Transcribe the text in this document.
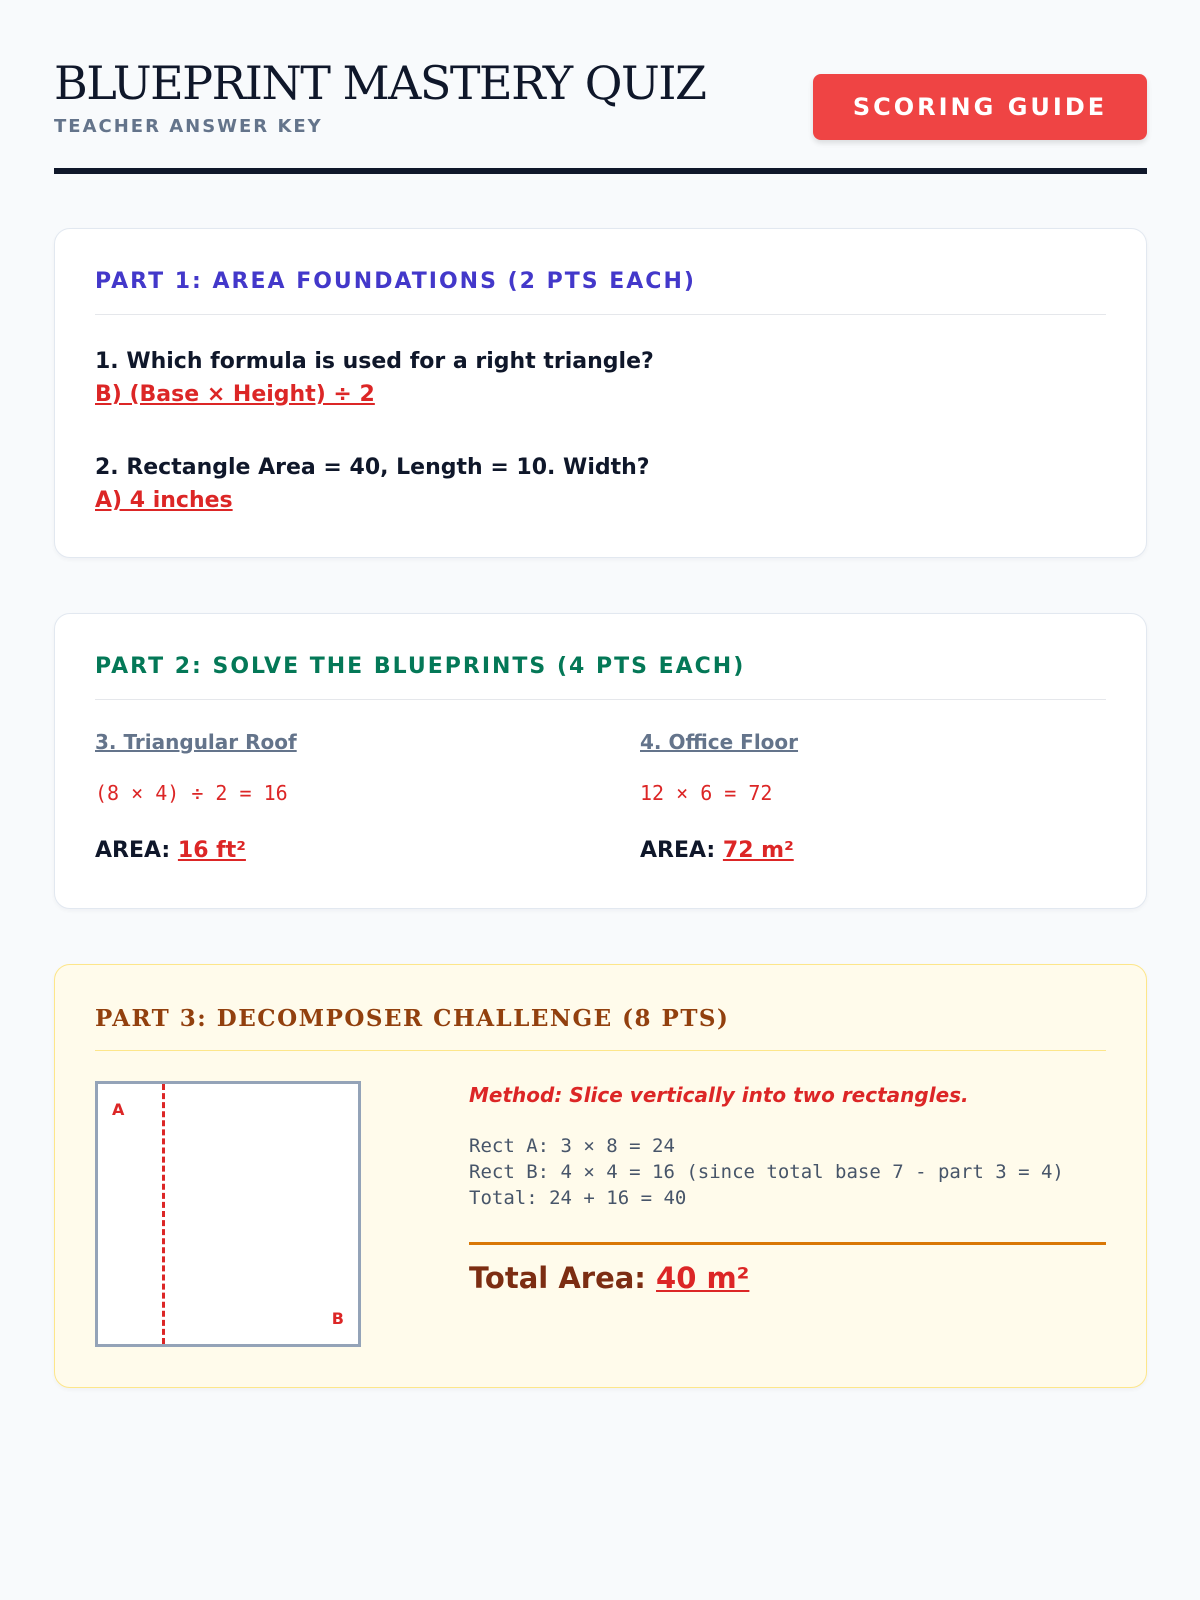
BLUEPRINT MASTERY QUIZ
TEACHER ANSWER KEY
SCORING GUIDE
PART 1: AREA FOUNDATIONS (2 PTS EACH)
1. Which formula is used for a right triangle?
B) (Base × Height) ÷ 2
2. Rectangle Area = 40, Length = 10. Width?
A) 4 inches
PART 2: SOLVE THE BLUEPRINTS (4 PTS EACH)
3. Triangular Roof
(8 × 4) ÷ 2 = 16
AREA: 16 ft²
4. Office Floor
12 × 6 = 72
AREA: 72 m²
PART 3: DECOMPOSER CHALLENGE (8 PTS)
A
B
Method: Slice vertically into two rectangles.
Rect A: 3 × 8 = 24
Rect B: 4 × 4 = 16 (since total base 7 - part 3 = 4)
Total: 24 + 16 = 40
Total Area: 40 m²
